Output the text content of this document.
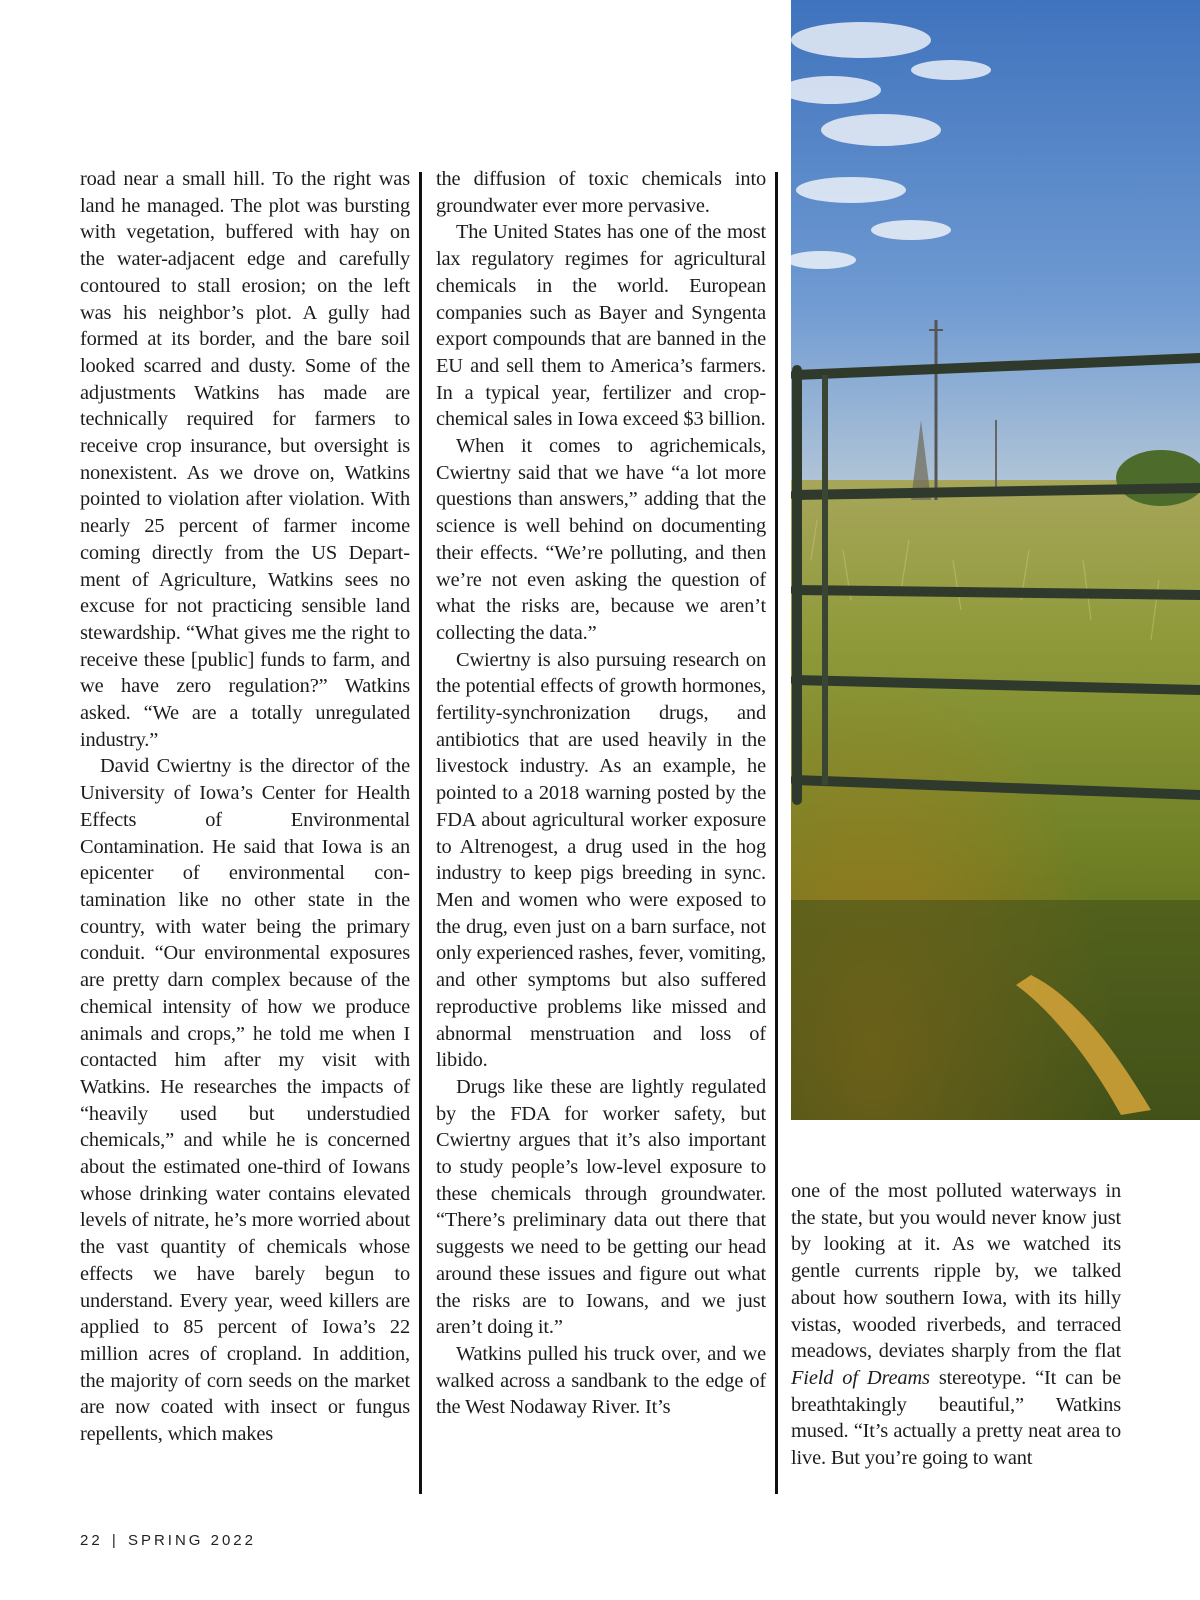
road near a small hill. To the right was land he managed. The plot was bursting with vegetation, buffered with hay on the water-adjacent edge and carefully contoured to stall erosion; on the left was his neighbor’s plot. A gully had formed at its border, and the bare soil looked scarred and dusty. Some of the adjustments Watkins has made are technically required for farmers to receive crop insurance, but oversight is nonexistent. As we drove on, Watkins pointed to violation after violation. With nearly 25 percent of farmer income coming directly from the US Department of Agriculture, Watkins sees no excuse for not practicing sensible land stewardship. “What gives me the right to receive these [public] funds to farm, and we have zero regulation?” Watkins asked. “We are a totally unregulated industry.”

David Cwiertny is the director of the University of Iowa’s Center for Health Effects of Environmental Contamination. He said that Iowa is an epicenter of environmental contamination like no other state in the country, with water being the primary conduit. “Our environmental exposures are pretty darn complex because of the chemical intensity of how we produce animals and crops,” he told me when I contacted him after my visit with Watkins. He researches the impacts of “heavily used but understudied chemicals,” and while he is concerned about the estimated one-third of Iowans whose drinking water contains elevated levels of nitrate, he’s more worried about the vast quantity of chemicals whose effects we have barely begun to understand. Every year, weed killers are applied to 85 percent of Iowa’s 22 million acres of cropland. In addition, the majority of corn seeds on the market are now coated with insect or fungus repellents, which makes

the diffusion of toxic chemicals into groundwater ever more pervasive.

The United States has one of the most lax regulatory regimes for agricultural chemicals in the world. European companies such as Bayer and Syngenta export compounds that are banned in the EU and sell them to America’s farmers. In a typical year, fertilizer and crop-chemical sales in Iowa exceed $3 billion.

When it comes to agrichemicals, Cwiertny said that we have “a lot more questions than answers,” adding that the science is well behind on documenting their effects. “We’re polluting, and then we’re not even asking the question of what the risks are, because we aren’t collecting the data.”

Cwiertny is also pursuing research on the potential effects of growth hormones, fertility-synchronization drugs, and antibiotics that are used heavily in the livestock industry. As an example, he pointed to a 2018 warning posted by the FDA about agricultural worker exposure to Altrenogest, a drug used in the hog industry to keep pigs breeding in sync. Men and women who were exposed to the drug, even just on a barn surface, not only experienced rashes, fever, vomiting, and other symptoms but also suffered reproductive problems like missed and abnormal menstruation and loss of libido.

Drugs like these are lightly regulated by the FDA for worker safety, but Cwiertny argues that it’s also important to study people’s low-level exposure to these chemicals through groundwater. “There’s preliminary data out there that suggests we need to be getting our head around these issues and figure out what the risks are to Iowans, and we just aren’t doing it.”

Watkins pulled his truck over, and we walked across a sandbank to the edge of the West Nodaway River. It’s

one of the most polluted waterways in the state, but you would never know just by looking at it. As we watched its gentle currents ripple by, we talked about how southern Iowa, with its hilly vistas, wooded riverbeds, and terraced meadows, deviates sharply from the flat Field of Dreams stereotype. “It can be breathtakingly beautiful,” Watkins mused. “It’s actually a pretty neat area to live. But you’re going to want

22 | SPRING 2022
